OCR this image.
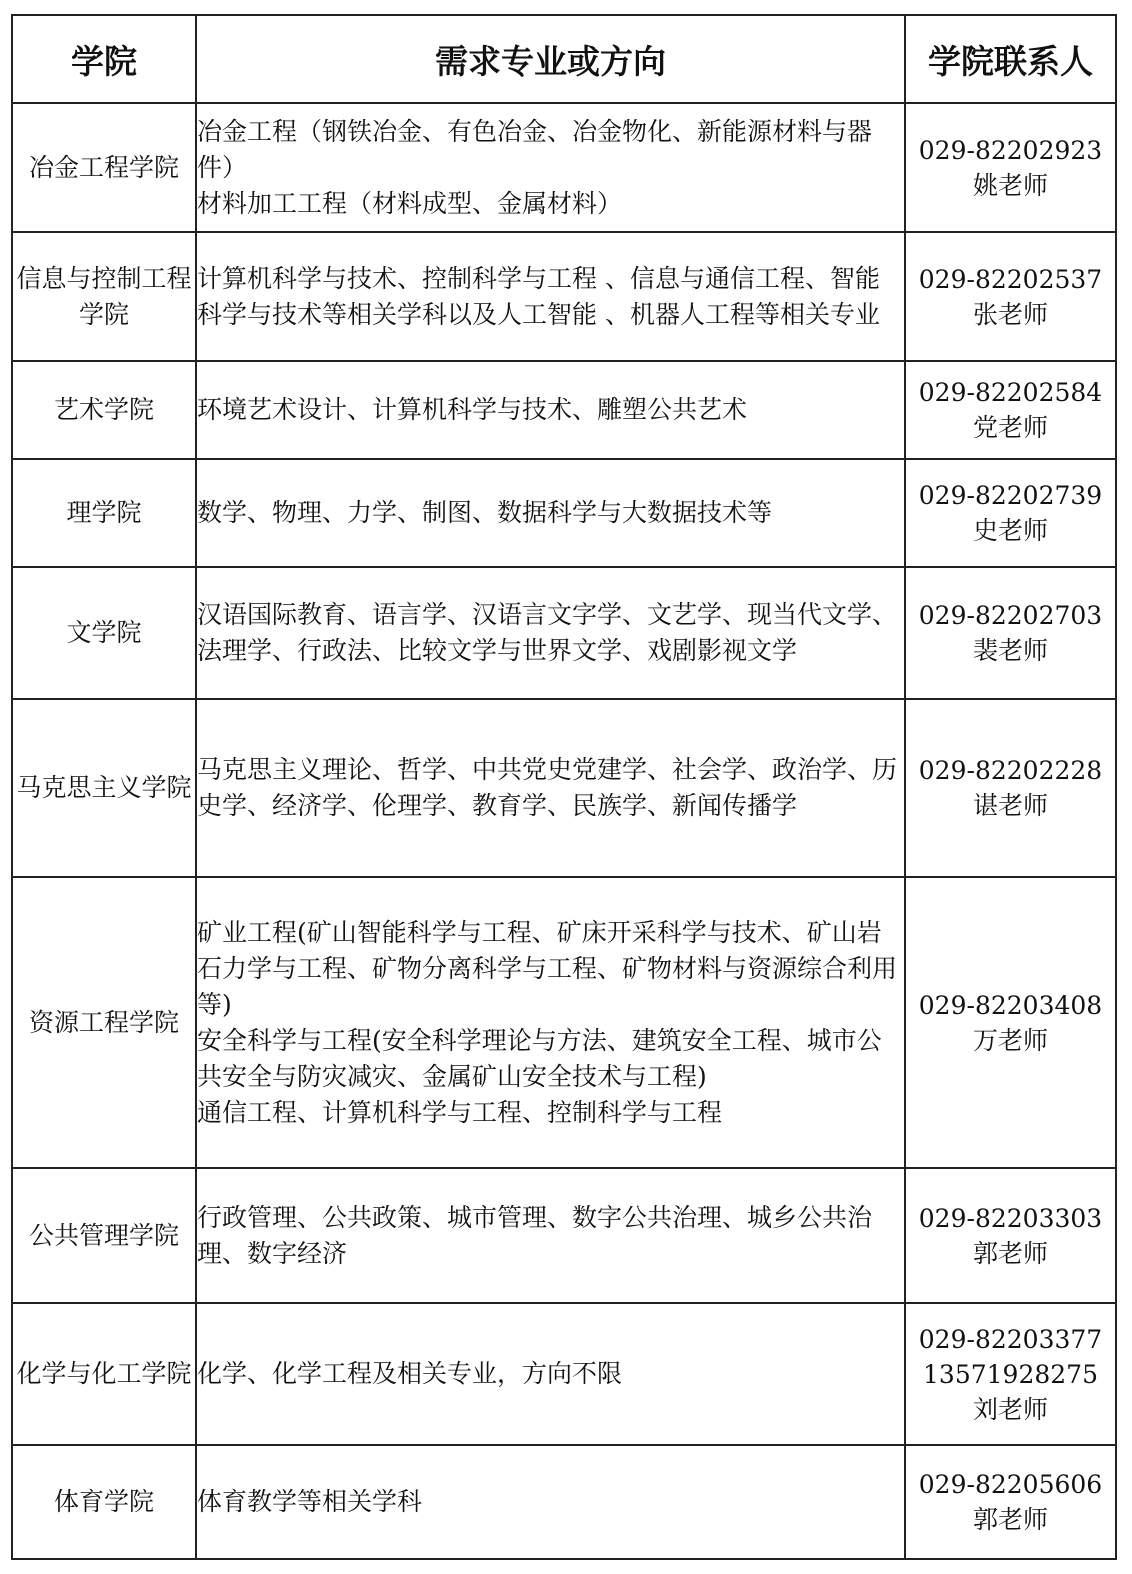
学院	需求专业或方向	学院联系人
冶金工程学院	冶金工程（钢铁冶金、有色冶金、冶金物化、新能源材料与器件）
材料加工工程（材料成型、金属材料）	029-82202923
姚老师

信息与控制工程学院	计算机科学与技术、控制科学与工程 、信息与通信工程、智能科学与技术等相关学科以及人工智能 、机器人工程等相关专业	029-82202537
张老师

艺术学院	环境艺术设计、计算机科学与技术、雕塑公共艺术	029-82202584
党老师

理学院	数学、物理、力学、制图、数据科学与大数据技术等	029-82202739
史老师

文学院	汉语国际教育、语言学、汉语言文字学、文艺学、现当代文学、法理学、行政法、比较文学与世界文学、戏剧影视文学	029-82202703
裴老师

马克思主义学院	马克思主义理论、哲学、中共党史党建学、社会学、政治学、历史学、经济学、伦理学、教育学、民族学、新闻传播学	029-82202228
谌老师

资源工程学院	矿业工程(矿山智能科学与工程、矿床开采科学与技术、矿山岩石力学与工程、矿物分离科学与工程、矿物材料与资源综合利用等)
安全科学与工程(安全科学理论与方法、建筑安全工程、城市公共安全与防灾减灾、金属矿山安全技术与工程)
通信工程、计算机科学与工程、控制科学与工程	029-82203408
万老师

公共管理学院	行政管理、公共政策、城市管理、数字公共治理、城乡公共治理、数字经济	029-82203303
郭老师

化学与化工学院	化学、化学工程及相关专业，方向不限	029-82203377
13571928275
刘老师

体育学院	体育教学等相关学科	029-82205606
郭老师
